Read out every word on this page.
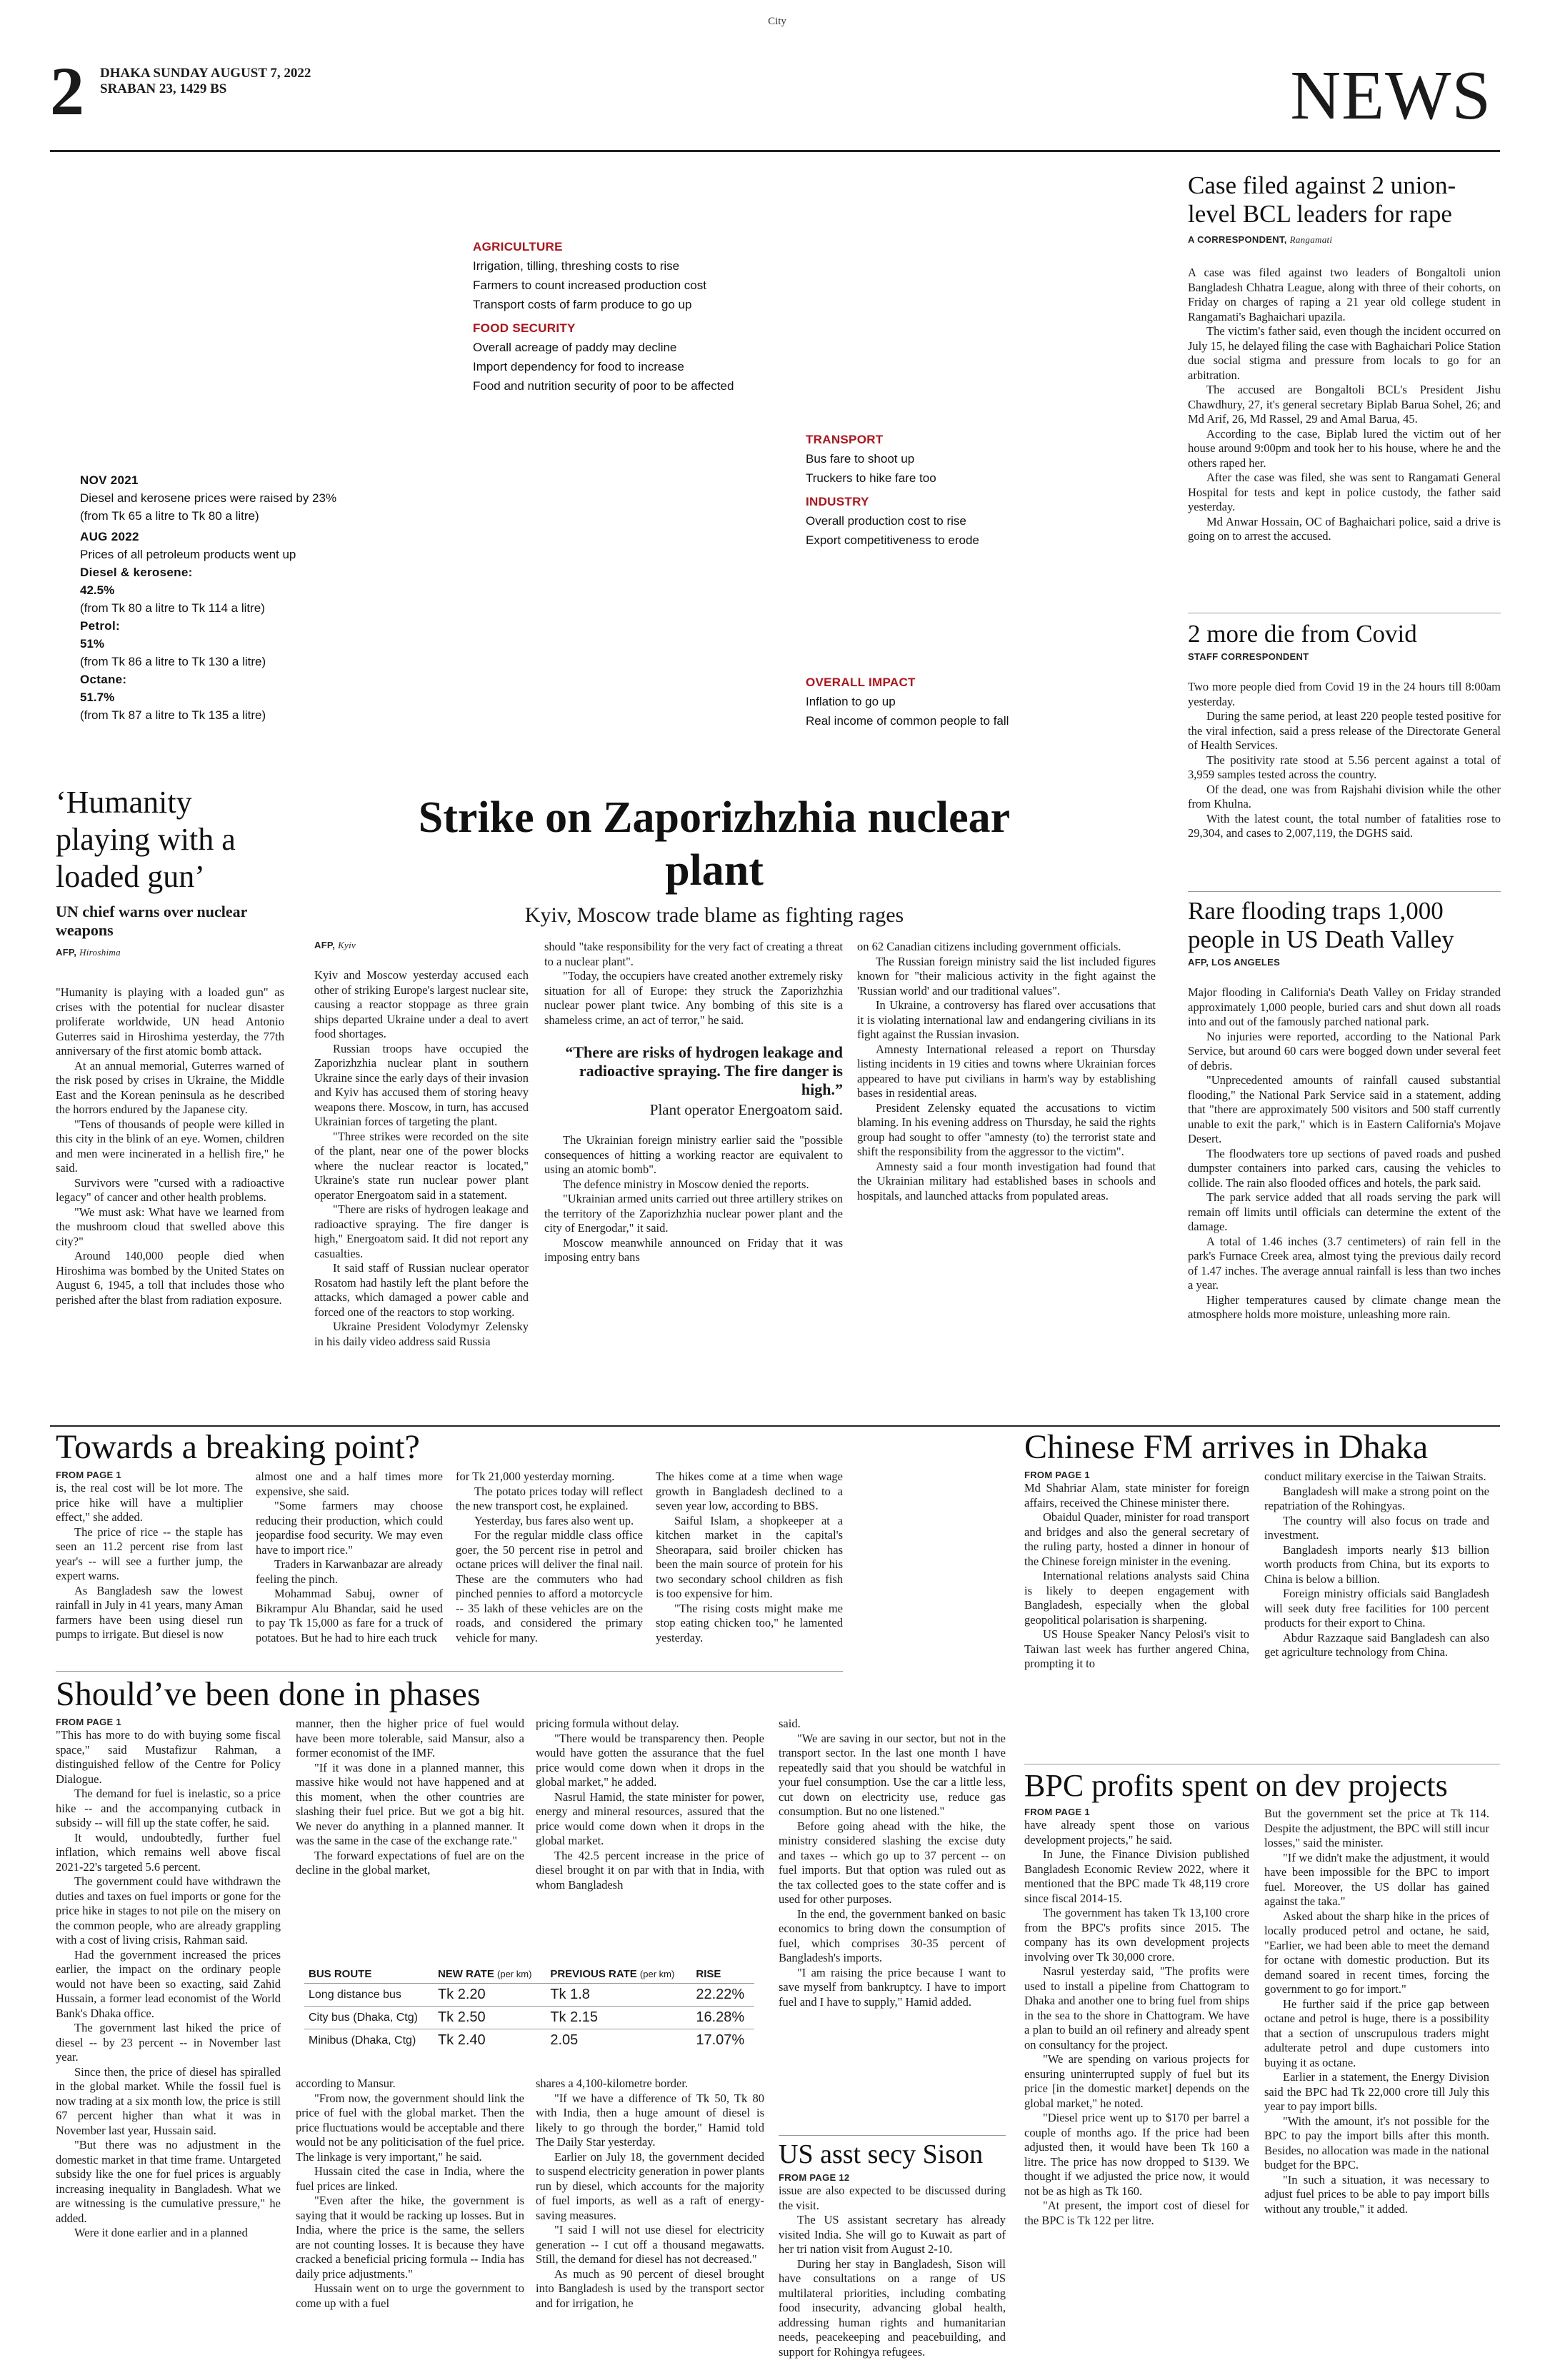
City
2 DHAKA SUNDAY AUGUST 7, 2022
SRABAN 23, 1429 BS	NEWS
NOV 2021
Diesel and kerosene prices were raised by 23%
(from Tk 65 a litre to Tk 80 a litre)
AUG 2022
Prices of all petroleum products went up
Diesel & kerosene:
42.5%
(from Tk 80 a litre to Tk 114 a litre)
Petrol:
51%
(from Tk 86 a litre to Tk 130 a litre)
Octane:
51.7%
(from Tk 87 a litre to Tk 135 a litre)
AGRICULTURE
Irrigation, tilling, threshing costs to rise
Farmers to count increased production cost
Transport costs of farm produce to go up
FOOD SECURITY
Overall acreage of paddy may decline
Import dependency for food to increase
Food and nutrition security of poor to be affected
TRANSPORT
Bus fare to shoot up
Truckers to hike fare too
INDUSTRY
Overall production cost to rise
Export competitiveness to erode
OVERALL IMPACT
Inflation to go up
Real income of common people to fall
Case filed against 2 union-level BCL leaders for rape
A CORRESPONDENT, Rangamati

A case was filed against two leaders of Bongaltoli union Bangladesh Chhatra League, along with three of their cohorts, on Friday on charges of raping a 21 year old college student in Rangamati's Baghaichari upazila.

The victim's father said, even though the incident occurred on July 15, he delayed filing the case with Baghaichari Police Station due social stigma and pressure from locals to go for an arbitration.

The accused are Bongaltoli BCL's President Jishu Chawdhury, 27, it's general secretary Biplab Barua Sohel, 26; and Md Arif, 26, Md Rassel, 29 and Amal Barua, 45.

According to the case, Biplab lured the victim out of her house around 9:00pm and took her to his house, where he and the others raped her.

After the case was filed, she was sent to Rangamati General Hospital for tests and kept in police custody, the father said yesterday.

Md Anwar Hossain, OC of Baghaichari police, said a drive is going on to arrest the accused.

2 more die from Covid
STAFF CORRESPONDENT

Two more people died from Covid 19 in the 24 hours till 8:00am yesterday.

During the same period, at least 220 people tested positive for the viral infection, said a press release of the Directorate General of Health Services.

The positivity rate stood at 5.56 percent against a total of 3,959 samples tested across the country.

Of the dead, one was from Rajshahi division while the other from Khulna.

With the latest count, the total number of fatalities rose to 29,304, and cases to 2,007,119, the DGHS said.

Rare flooding traps 1,000 people in US Death Valley
AFP, LOS ANGELES

Major flooding in California's Death Valley on Friday stranded approximately 1,000 people, buried cars and shut down all roads into and out of the famously parched national park.

No injuries were reported, according to the National Park Service, but around 60 cars were bogged down under several feet of debris.

"Unprecedented amounts of rainfall caused substantial flooding," the National Park Service said in a statement, adding that "there are approximately 500 visitors and 500 staff currently unable to exit the park," which is in Eastern California's Mojave Desert.

The floodwaters tore up sections of paved roads and pushed dumpster containers into parked cars, causing the vehicles to collide. The rain also flooded offices and hotels, the park said.

The park service added that all roads serving the park will remain off limits until officials can determine the extent of the damage.

A total of 1.46 inches (3.7 centimeters) of rain fell in the park's Furnace Creek area, almost tying the previous daily record of 1.47 inches. The average annual rainfall is less than two inches a year.

Higher temperatures caused by climate change mean the atmosphere holds more moisture, unleashing more rain.

‘Humanity playing with a loaded gun’
UN chief warns over nuclear weapons
AFP, Hiroshima

"Humanity is playing with a loaded gun" as crises with the potential for nuclear disaster proliferate worldwide, UN head Antonio Guterres said in Hiroshima yesterday, the 77th anniversary of the first atomic bomb attack.

At an annual memorial, Guterres warned of the risk posed by crises in Ukraine, the Middle East and the Korean peninsula as he described the horrors endured by the Japanese city.

"Tens of thousands of people were killed in this city in the blink of an eye. Women, children and men were incinerated in a hellish fire," he said.

Survivors were "cursed with a radioactive legacy" of cancer and other health problems.

"We must ask: What have we learned from the mushroom cloud that swelled above this city?"

Around 140,000 people died when Hiroshima was bombed by the United States on August 6, 1945, a toll that includes those who perished after the blast from radiation exposure.

Strike on Zaporizhzhia nuclear plant
Kyiv, Moscow trade blame as fighting rages
AFP, Kyiv

Kyiv and Moscow yesterday accused each other of striking Europe's largest nuclear site, causing a reactor stoppage as three grain ships departed Ukraine under a deal to avert food shortages.

Russian troops have occupied the Zaporizhzhia nuclear plant in southern Ukraine since the early days of their invasion and Kyiv has accused them of storing heavy weapons there. Moscow, in turn, has accused Ukrainian forces of targeting the plant.

"Three strikes were recorded on the site of the plant, near one of the power blocks where the nuclear reactor is located," Ukraine's state run nuclear power plant operator Energoatom said in a statement.

"There are risks of hydrogen leakage and radioactive spraying. The fire danger is high," Energoatom said. It did not report any casualties.

It said staff of Russian nuclear operator Rosatom had hastily left the plant before the attacks, which damaged a power cable and forced one of the reactors to stop working.

Ukraine President Volodymyr Zelensky in his daily video address said Russia

should "take responsibility for the very fact of creating a threat to a nuclear plant".

"Today, the occupiers have created another extremely risky situation for all of Europe: they struck the Zaporizhzhia nuclear power plant twice. Any bombing of this site is a shameless crime, an act of terror," he said.

“There are risks of hydrogen leakage and radioactive spraying. The fire danger is high.”
Plant operator Energoatom said.

The Ukrainian foreign ministry earlier said the "possible consequences of hitting a working reactor are equivalent to using an atomic bomb".

The defence ministry in Moscow denied the reports.

"Ukrainian armed units carried out three artillery strikes on the territory of the Zaporizhzhia nuclear power plant and the city of Energodar," it said.

Moscow meanwhile announced on Friday that it was imposing entry bans

on 62 Canadian citizens including government officials.

The Russian foreign ministry said the list included figures known for "their malicious activity in the fight against the 'Russian world' and our traditional values".

In Ukraine, a controversy has flared over accusations that it is violating international law and endangering civilians in its fight against the Russian invasion.

Amnesty International released a report on Thursday listing incidents in 19 cities and towns where Ukrainian forces appeared to have put civilians in harm's way by establishing bases in residential areas.

President Zelensky equated the accusations to victim blaming. In his evening address on Thursday, he said the rights group had sought to offer "amnesty (to) the terrorist state and shift the responsibility from the aggressor to the victim".

Amnesty said a four month investigation had found that the Ukrainian military had established bases in schools and hospitals, and launched attacks from populated areas.

Towards a breaking point?
FROM PAGE 1

is, the real cost will be lot more. The price hike will have a multiplier effect," she added.

The price of rice -- the staple has seen an 11.2 percent rise from last year's -- will see a further jump, the expert warns.

As Bangladesh saw the lowest rainfall in July in 41 years, many Aman farmers have been using diesel run pumps to irrigate. But diesel is now

almost one and a half times more expensive, she said.

"Some farmers may choose reducing their production, which could jeopardise food security. We may even have to import rice."

Traders in Karwanbazar are already feeling the pinch.

Mohammad Sabuj, owner of Bikrampur Alu Bhandar, said he used to pay Tk 15,000 as fare for a truck of potatoes. But he had to hire each truck

for Tk 21,000 yesterday morning.

The potato prices today will reflect the new transport cost, he explained.

Yesterday, bus fares also went up.

For the regular middle class office goer, the 50 percent rise in petrol and octane prices will deliver the final nail. These are the commuters who had pinched pennies to afford a motorcycle -- 35 lakh of these vehicles are on the roads, and considered the primary vehicle for many.

The hikes come at a time when wage growth in Bangladesh declined to a seven year low, according to BBS.

Saiful Islam, a shopkeeper at a kitchen market in the capital's Sheorapara, said broiler chicken has been the main source of protein for his two secondary school children as fish is too expensive for him.

"The rising costs might make me stop eating chicken too," he lamented yesterday.

Chinese FM arrives in Dhaka
FROM PAGE 1

Md Shahriar Alam, state minister for foreign affairs, received the Chinese minister there.

Obaidul Quader, minister for road transport and bridges and also the general secretary of the ruling party, hosted a dinner in honour of the Chinese foreign minister in the evening.

International relations analysts said China is likely to deepen engagement with Bangladesh, especially when the global geopolitical polarisation is sharpening.

US House Speaker Nancy Pelosi's visit to Taiwan last week has further angered China, prompting it to

conduct military exercise in the Taiwan Straits.

Bangladesh will make a strong point on the repatriation of the Rohingyas.

The country will also focus on trade and investment.

Bangladesh imports nearly $13 billion worth products from China, but its exports to China is below a billion.

Foreign ministry officials said Bangladesh will seek duty free facilities for 100 percent products for their export to China.

Abdur Razzaque said Bangladesh can also get agriculture technology from China.

Should’ve been done in phases
FROM PAGE 1

"This has more to do with buying some fiscal space," said Mustafizur Rahman, a distinguished fellow of the Centre for Policy Dialogue.

The demand for fuel is inelastic, so a price hike -- and the accompanying cutback in subsidy -- will fill up the state coffer, he said.

It would, undoubtedly, further fuel inflation, which remains well above fiscal 2021-22's targeted 5.6 percent.

The government could have withdrawn the duties and taxes on fuel imports or gone for the price hike in stages to not pile on the misery on the common people, who are already grappling with a cost of living crisis, Rahman said.

Had the government increased the prices earlier, the impact on the ordinary people would not have been so exacting, said Zahid Hussain, a former lead economist of the World Bank's Dhaka office.

The government last hiked the price of diesel -- by 23 percent -- in November last year.

Since then, the price of diesel has spiralled in the global market. While the fossil fuel is now trading at a six month low, the price is still 67 percent higher than what it was in November last year, Hussain said.

"But there was no adjustment in the domestic market in that time frame. Untargeted subsidy like the one for fuel prices is arguably increasing inequality in Bangladesh. What we are witnessing is the cumulative pressure," he added.

Were it done earlier and in a planned

manner, then the higher price of fuel would have been more tolerable, said Mansur, also a former economist of the IMF.

"If it was done in a planned manner, this massive hike would not have happened and at this moment, when the other countries are slashing their fuel price. But we got a big hit. We never do anything in a planned manner. It was the same in the case of the exchange rate."

The forward expectations of fuel are on the decline in the global market,

pricing formula without delay.

"There would be transparency then. People would have gotten the assurance that the fuel price would come down when it drops in the global market," he added.

Nasrul Hamid, the state minister for power, energy and mineral resources, assured that the price would come down when it drops in the global market.

The 42.5 percent increase in the price of diesel brought it on par with that in India, with whom Bangladesh

BUS ROUTE	NEW RATE (per km)	PREVIOUS RATE (per km)	RISE
Long distance bus	Tk 2.20	Tk 1.8	22.22%
City bus (Dhaka, Ctg)	Tk 2.50	Tk 2.15	16.28%
Minibus (Dhaka, Ctg)	Tk 2.40	2.05	17.07%

according to Mansur.

"From now, the government should link the price of fuel with the global market. Then the price fluctuations would be acceptable and there would not be any politicisation of the fuel price. The linkage is very important," he said.

Hussain cited the case in India, where the fuel prices are linked.

"Even after the hike, the government is saying that it would be racking up losses. But in India, where the price is the same, the sellers are not counting losses. It is because they have cracked a beneficial pricing formula -- India has daily price adjustments."

Hussain went on to urge the government to come up with a fuel

shares a 4,100-kilometre border.

"If we have a difference of Tk 50, Tk 80 with India, then a huge amount of diesel is likely to go through the border," Hamid told The Daily Star yesterday.

Earlier on July 18, the government decided to suspend electricity generation in power plants run by diesel, which accounts for the majority of fuel imports, as well as a raft of energy-saving measures.

"I said I will not use diesel for electricity generation -- I cut off a thousand megawatts. Still, the demand for diesel has not decreased."

As much as 90 percent of diesel brought into Bangladesh is used by the transport sector and for irrigation, he

said.

"We are saving in our sector, but not in the transport sector. In the last one month I have repeatedly said that you should be watchful in your fuel consumption. Use the car a little less, cut down on electricity use, reduce gas consumption. But no one listened."

Before going ahead with the hike, the ministry considered slashing the excise duty and taxes -- which go up to 37 percent -- on fuel imports. But that option was ruled out as the tax collected goes to the state coffer and is used for other purposes.

In the end, the government banked on basic economics to bring down the consumption of fuel, which comprises 30-35 percent of Bangladesh's imports.

"I am raising the price because I want to save myself from bankruptcy. I have to import fuel and I have to supply," Hamid added.

US asst secy Sison
FROM PAGE 12

issue are also expected to be discussed during the visit.

The US assistant secretary has already visited India. She will go to Kuwait as part of her tri nation visit from August 2-10.

During her stay in Bangladesh, Sison will have consultations on a range of US multilateral priorities, including combating food insecurity, advancing global health, addressing human rights and humanitarian needs, peacekeeping and peacebuilding, and support for Rohingya refugees.

BPC profits spent on dev projects
FROM PAGE 1

have already spent those on various development projects," he said.

In June, the Finance Division published Bangladesh Economic Review 2022, where it mentioned that the BPC made Tk 48,119 crore since fiscal 2014-15.

The government has taken Tk 13,100 crore from the BPC's profits since 2015. The company has its own development projects involving over Tk 30,000 crore.

Nasrul yesterday said, "The profits were used to install a pipeline from Chattogram to Dhaka and another one to bring fuel from ships in the sea to the shore in Chattogram. We have a plan to build an oil refinery and already spent on consultancy for the project.

"We are spending on various projects for ensuring uninterrupted supply of fuel but its price [in the domestic market] depends on the global market," he noted.

"Diesel price went up to $170 per barrel a couple of months ago. If the price had been adjusted then, it would have been Tk 160 a litre. The price has now dropped to $139. We thought if we adjusted the price now, it would not be as high as Tk 160.

"At present, the import cost of diesel for the BPC is Tk 122 per litre.

But the government set the price at Tk 114. Despite the adjustment, the BPC will still incur losses," said the minister.

"If we didn't make the adjustment, it would have been impossible for the BPC to import fuel. Moreover, the US dollar has gained against the taka."

Asked about the sharp hike in the prices of locally produced petrol and octane, he said, "Earlier, we had been able to meet the demand for octane with domestic production. But its demand soared in recent times, forcing the government to go for import."

He further said if the price gap between octane and petrol is huge, there is a possibility that a section of unscrupulous traders might adulterate petrol and dupe customers into buying it as octane.

Earlier in a statement, the Energy Division said the BPC had Tk 22,000 crore till July this year to pay import bills.

"With the amount, it's not possible for the BPC to pay the import bills after this month. Besides, no allocation was made in the national budget for the BPC.

"In such a situation, it was necessary to adjust fuel prices to be able to pay import bills without any trouble," it added.
